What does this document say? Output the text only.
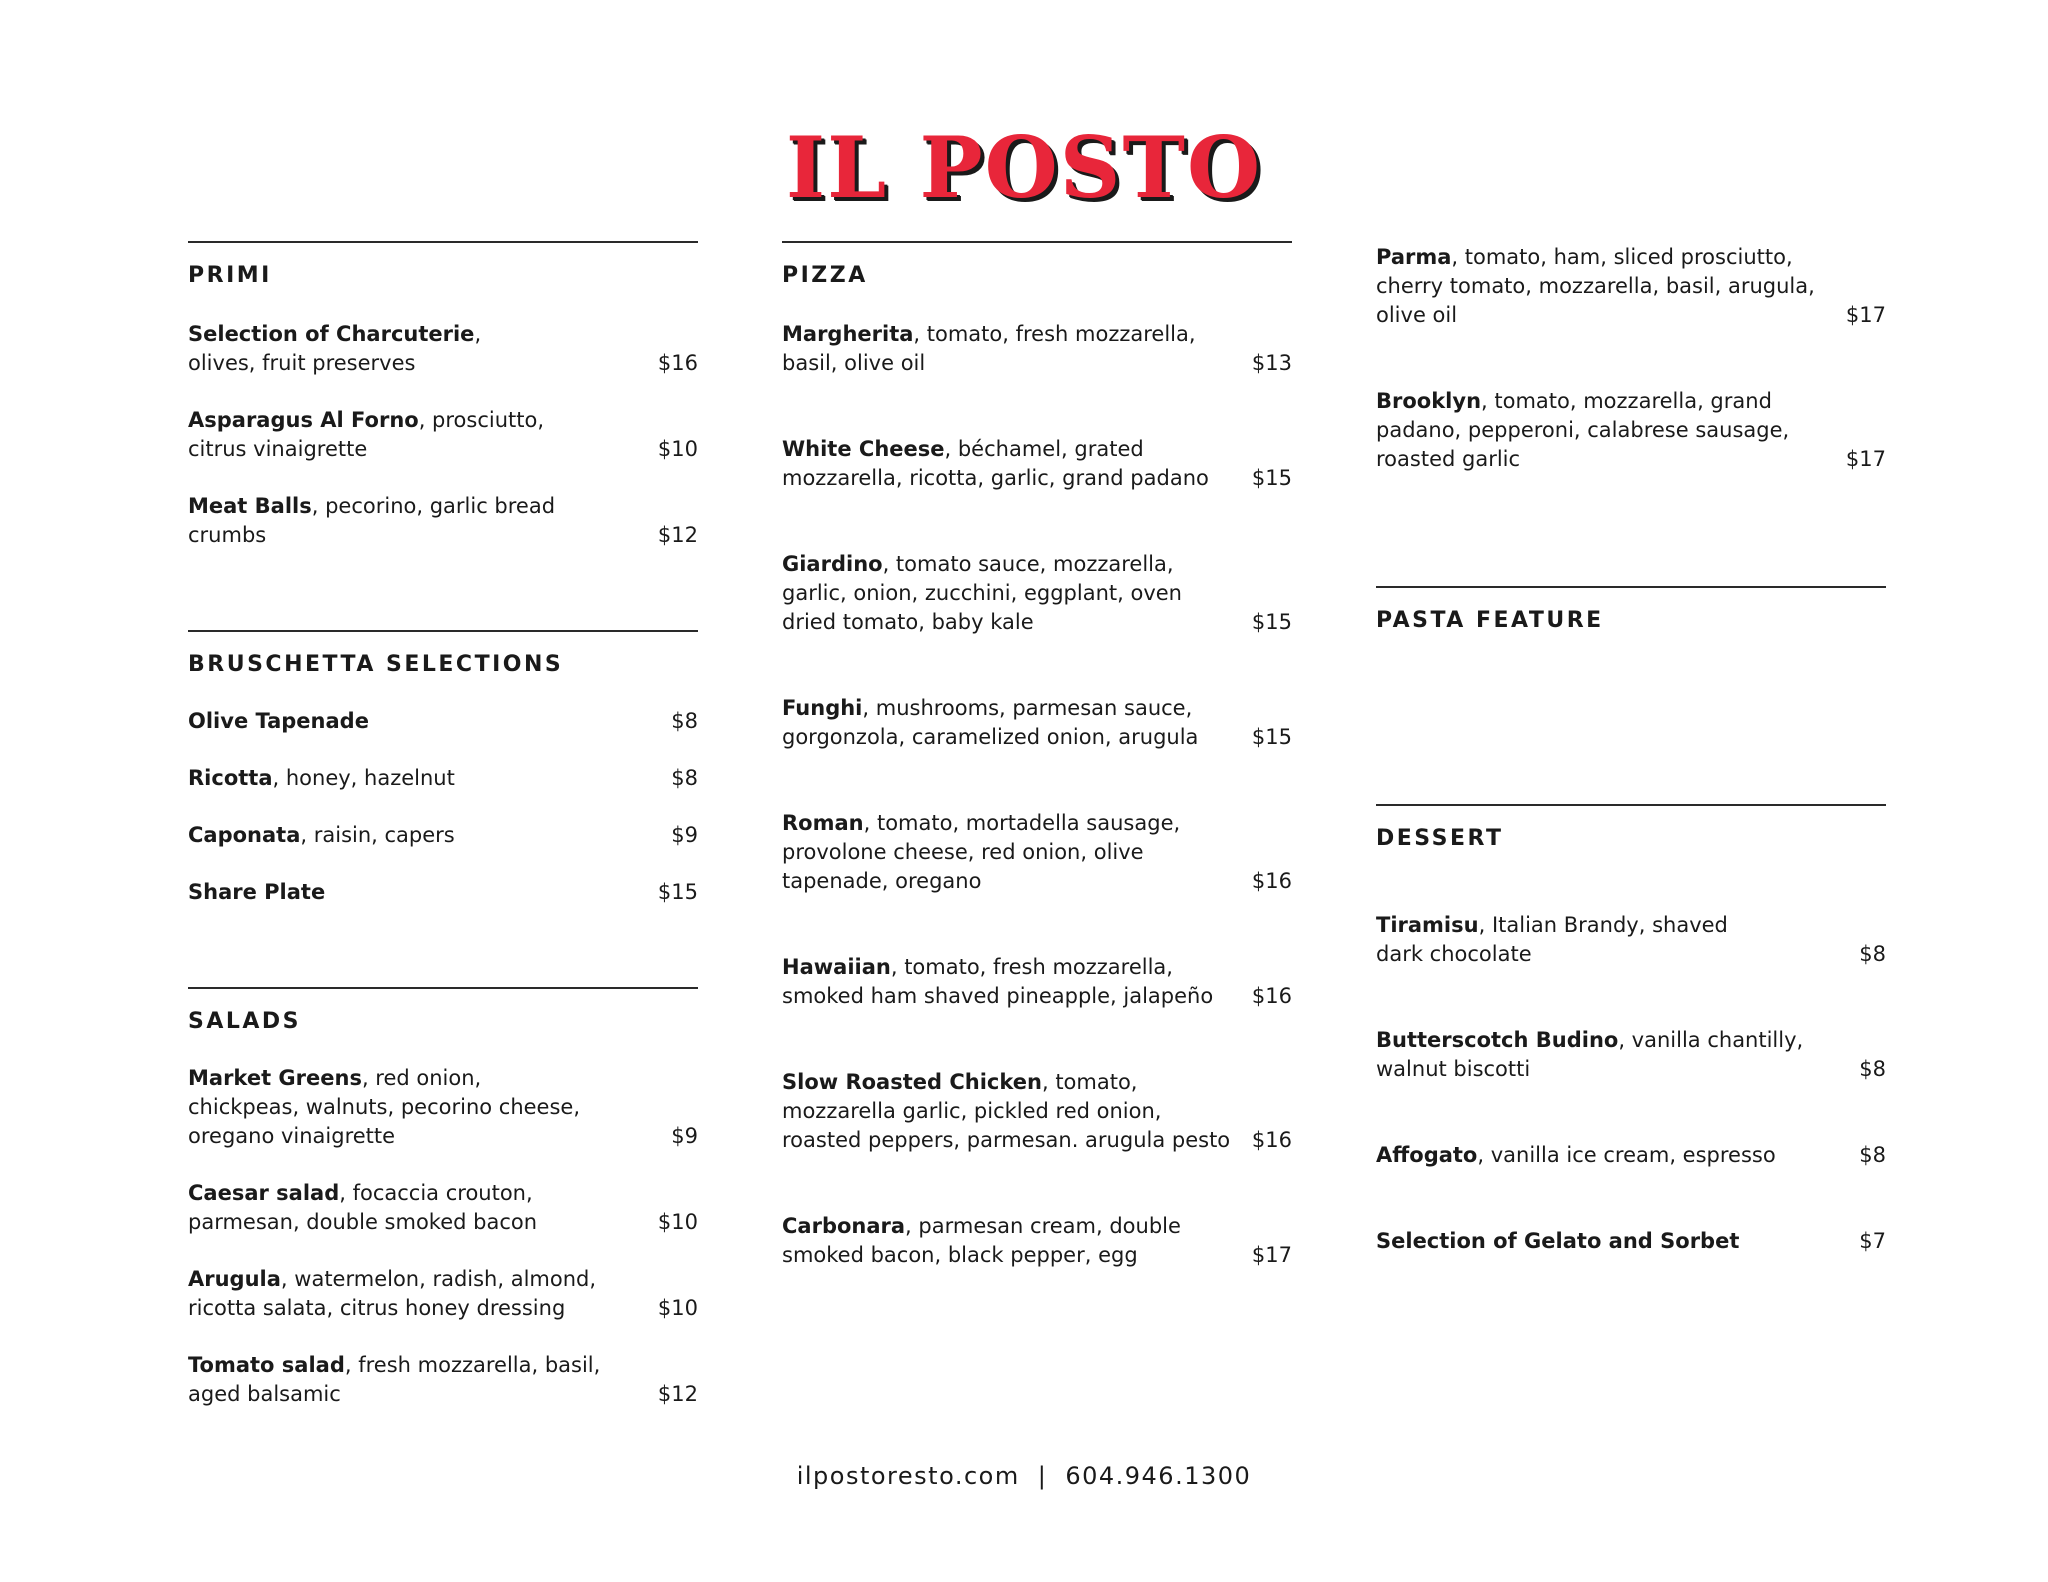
IL POSTO
PRIMI
Selection of Charcuterie, olives, fruit preserves	$16
Asparagus Al Forno, prosciutto, citrus vinaigrette	$10
Meat Balls, pecorino, garlic bread crumbs	$12
BRUSCHETTA SELECTIONS
Olive Tapenade	$8
Ricotta, honey, hazelnut	$8
Caponata, raisin, capers	$9
Share Plate	$15
SALADS
Market Greens, red onion, chickpeas, walnuts, pecorino cheese, oregano vinaigrette	$9
Caesar salad, focaccia crouton, parmesan, double smoked bacon	$10
Arugula, watermelon, radish, almond, ricotta salata, citrus honey dressing	$10
Tomato salad, fresh mozzarella, basil, aged balsamic	$12
PIZZA
Margherita, tomato, fresh mozzarella, basil, olive oil	$13
White Cheese, béchamel, grated mozzarella, ricotta, garlic, grand padano	$15
Giardino, tomato sauce, mozzarella, garlic, onion, zucchini, eggplant, oven dried tomato, baby kale	$15
Funghi, mushrooms, parmesan sauce, gorgonzola, caramelized onion, arugula	$15
Roman, tomato, mortadella sausage, provolone cheese, red onion, olive tapenade, oregano	$16
Hawaiian, tomato, fresh mozzarella, smoked ham shaved pineapple, jalapeño	$16
Slow Roasted Chicken, tomato, mozzarella garlic, pickled red onion, roasted peppers, parmesan. arugula pesto	$16
Carbonara, parmesan cream, double smoked bacon, black pepper, egg	$17
Parma, tomato, ham, sliced prosciutto, cherry tomato, mozzarella, basil, arugula, olive oil	$17
Brooklyn, tomato, mozzarella, grand padano, pepperoni, calabrese sausage, roasted garlic	$17
PASTA FEATURE
DESSERT
Tiramisu, Italian Brandy, shaved dark chocolate	$8
Butterscotch Budino, vanilla chantilly, walnut biscotti	$8
Affogato, vanilla ice cream, espresso	$8
Selection of Gelato and Sorbet	$7
ilpostoresto.com | 604.946.1300
